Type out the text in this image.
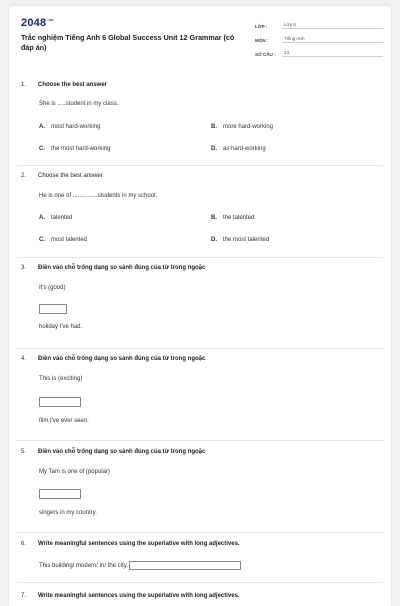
$2048^{.vn}$
Trắc nghiệm Tiếng Anh 6 Global Success Unit 12 Grammar (có đáp án)
LỚP :	Lớp 6
MÔN :	Tiếng Anh
SỐ CÂU :	13
1.	Choose the best answer
She is .....student in my class.
A. most hard-working	B. more hard-working
C. the most hard-working	D. as hard-working
2.	Choose the best answer
He is one of ...............students in my school.
A. talented	B. the talented
C. most talented	D. the most talented
3.	Điền vào chỗ trống dạng so sánh đúng của từ trong ngoặc
It's (good)
holiday I've had.
4.	Điền vào chỗ trống dạng so sánh đúng của từ trong ngoặc
This is (exciting)
film I've ever seen.
5.	Điền vào chỗ trống dạng so sánh đúng của từ trong ngoặc
My Tam is one of (popular)
singers in my country.
6.	Write meaningful sentences using the superlative with long adjectives.
This building/ modern/ in/ the city.
7.	Write meaningful sentences using the superlative with long adjectives.
